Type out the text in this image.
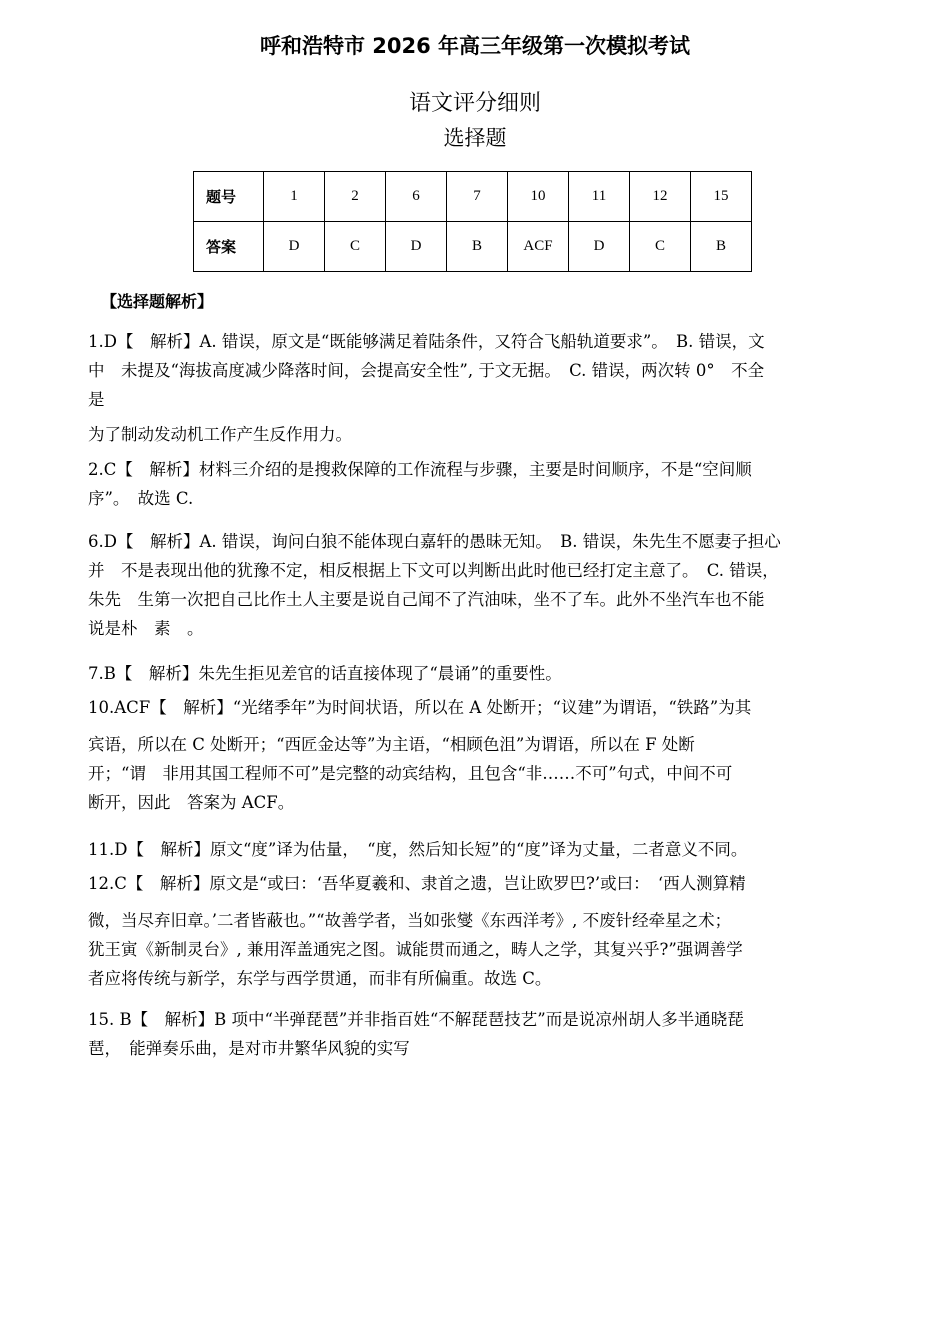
呼和浩特市 2026 年高三年级第一次模拟考试
语文评分细则
选择题
题号	1	2	6	7	10	11	12	15
答案	D	C	D	B	ACF	D	C	B
【选择题解析】
1.D【　解析】A. 错误，原文是“既能够满足着陆条件，又符合飞船轨道要求”。　B. 错误，文
中　未提及“海拔高度减少降落时间，会提高安全性”, 于文无据。　C. 错误，两次转 0°　不全
是
为了制动发动机工作产生反作用力。
2.C【　解析】材料三介绍的是搜救保障的工作流程与步骤，主要是时间顺序，不是“空间顺
序”。　故选 C.
6.D【　解析】A. 错误，询问白狼不能体现白嘉轩的愚昧无知。　B. 错误，朱先生不愿妻子担心
并　不是表现出他的犹豫不定，相反根据上下文可以判断出此时他已经打定主意了。　C. 错误，
朱先　生第一次把自己比作土人主要是说自己闻不了汽油味，坐不了车。此外不坐汽车也不能
说是朴　素　。
7.B【　解析】朱先生拒见差官的话直接体现了“晨诵”的重要性。
10.ACF【　解析】“光绪季年”为时间状语，所以在 A 处断开；“议建”为谓语，“铁路”为其
宾语，所以在 C 处断开；“西匠金达等”为主语，“相顾色沮”为谓语，所以在 F 处断
开；“谓　非用其国工程师不可”是完整的动宾结构，且包含“非……不可”句式，中间不可
断开，因此　答案为 ACF。
11.D【　解析】原文“度”译为估量，　“度，然后知长短”的“度”译为丈量，二者意义不同。
12.C【　解析】原文是“或曰：‘吾华夏羲和、隶首之遗，岂让欧罗巴?’或曰：　‘西人测算精
微，当尽弃旧章。’二者皆蔽也。”“故善学者，当如张燮《东西洋考》, 不废针经牵星之术；
犹王寅《新制灵台》, 兼用浑盖通宪之图。诚能贯而通之，畴人之学，其复兴乎?”强调善学
者应将传统与新学，东学与西学贯通，而非有所偏重。故选 C。
15. B【　解析】B 项中“半弹琵琶”并非指百姓“不解琵琶技艺”而是说凉州胡人多半通晓琵
琶，　能弹奏乐曲，是对市井繁华风貌的实写
